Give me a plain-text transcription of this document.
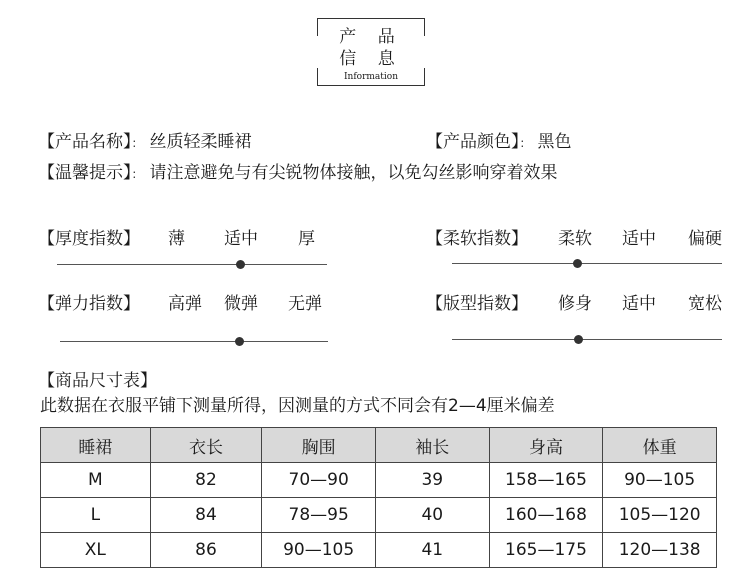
产 品
信 息
Information
【产品名称】： 丝质轻柔睡裙	【产品颜色】： 黑色
【温馨提示】： 请注意避免与有尖锐物体接触，以免勾丝影响穿着效果
【厚度指数】 薄 适中 厚	【柔软指数】 柔软 适中 偏硬
【弹力指数】 高弹 微弹 无弹	【版型指数】 修身 适中 宽松
【商品尺寸表】
此数据在衣服平铺下测量所得，因测量的方式不同会有2—4厘米偏差
睡裙	衣长	胸围	袖长	身高	体重
M	82	70—90	39	158—165	90—105
L	84	78—95	40	160—168	105—120
XL	86	90—105	41	165—175	120—138
